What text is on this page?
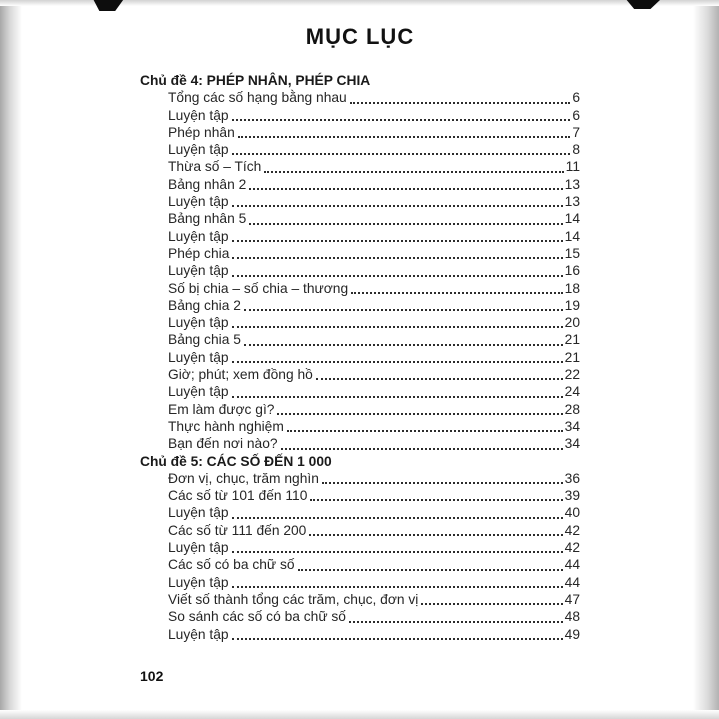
MỤC LỤC
Chủ đề 4: PHÉP NHÂN, PHÉP CHIA
Tổng các số hạng bằng nhau	6
Luyện tập	6
Phép nhân	7
Luyện tập	8
Thừa số – Tích	11
Bảng nhân 2	13
Luyện tập	13
Bảng nhân 5	14
Luyện tập	14
Phép chia	15
Luyện tập	16
Số bị chia – số chia – thương	18
Bảng chia 2	19
Luyện tập	20
Bảng chia 5	21
Luyện tập	21
Giờ; phút; xem đồng hồ	22
Luyện tập	24
Em làm được gì?	28
Thực hành nghiệm	34
Bạn đến nơi nào?	34
Chủ đề 5: CÁC SỐ ĐẾN 1 000
Đơn vị, chục, trăm nghìn	36
Các số từ 101 đến 110	39
Luyện tập	40
Các số từ 111 đến 200	42
Luyện tập	42
Các số có ba chữ số	44
Luyện tập	44
Viết số thành tổng các trăm, chục, đơn vị	47
So sánh các số có ba chữ số	48
Luyện tập	49
102
